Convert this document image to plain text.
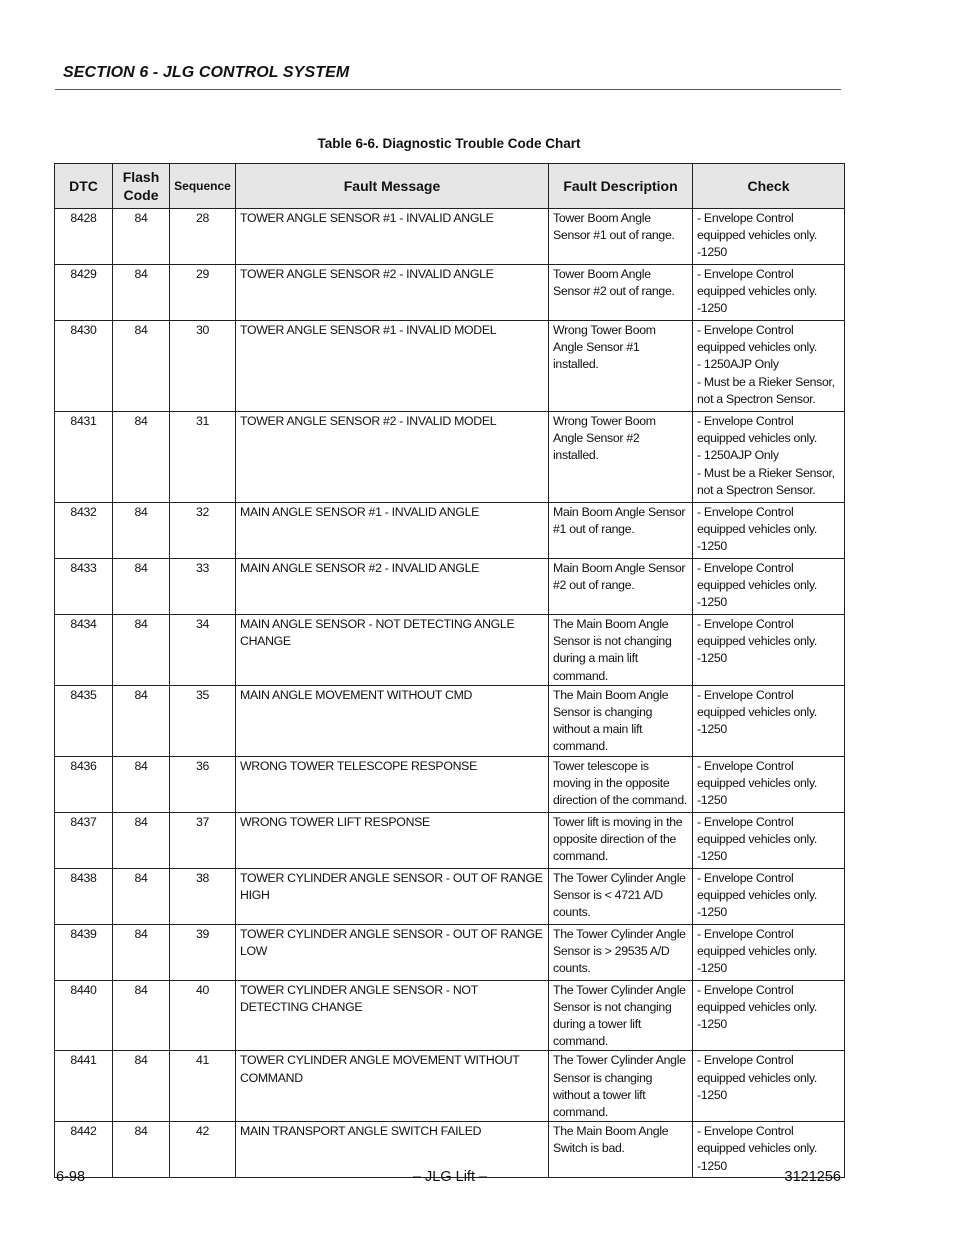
SECTION 6 - JLG CONTROL SYSTEM
Table 6-6. Diagnostic Trouble Code Chart
DTC	Flash Code	Sequence	Fault Message	Fault Description	Check
8428	84	28	TOWER ANGLE SENSOR #1 - INVALID ANGLE	Tower Boom Angle Sensor #1 out of range.	- Envelope Control equipped vehicles only.
-1250
8429	84	29	TOWER ANGLE SENSOR #2 - INVALID ANGLE	Tower Boom Angle Sensor #2 out of range.	- Envelope Control equipped vehicles only.
-1250
8430	84	30	TOWER ANGLE SENSOR #1 - INVALID MODEL	Wrong Tower Boom Angle Sensor #1 installed.	- Envelope Control equipped vehicles only.
- 1250AJP Only
- Must be a Rieker Sensor, not a Spectron Sensor.
8431	84	31	TOWER ANGLE SENSOR #2 - INVALID MODEL	Wrong Tower Boom Angle Sensor #2 installed.	- Envelope Control equipped vehicles only.
- 1250AJP Only
- Must be a Rieker Sensor, not a Spectron Sensor.
8432	84	32	MAIN ANGLE SENSOR #1 - INVALID ANGLE	Main Boom Angle Sensor #1 out of range.	- Envelope Control equipped vehicles only.
-1250
8433	84	33	MAIN ANGLE SENSOR #2 - INVALID ANGLE	Main Boom Angle Sensor #2 out of range.	- Envelope Control equipped vehicles only.
-1250
8434	84	34	MAIN ANGLE SENSOR - NOT DETECTING ANGLE CHANGE	The Main Boom Angle Sensor is not changing during a main lift command.	- Envelope Control equipped vehicles only.
-1250
8435	84	35	MAIN ANGLE MOVEMENT WITHOUT CMD	The Main Boom Angle Sensor is changing without a main lift command.	- Envelope Control equipped vehicles only.
-1250
8436	84	36	WRONG TOWER TELESCOPE RESPONSE	Tower telescope is moving in the opposite direction of the command.	- Envelope Control equipped vehicles only.
-1250
8437	84	37	WRONG TOWER LIFT RESPONSE	Tower lift is moving in the opposite direction of the command.	- Envelope Control equipped vehicles only.
-1250
8438	84	38	TOWER CYLINDER ANGLE SENSOR - OUT OF RANGE HIGH	The Tower Cylinder Angle Sensor is < 4721 A/D counts.	- Envelope Control equipped vehicles only.
-1250
8439	84	39	TOWER CYLINDER ANGLE SENSOR - OUT OF RANGE LOW	The Tower Cylinder Angle Sensor is > 29535 A/D counts.	- Envelope Control equipped vehicles only.
-1250
8440	84	40	TOWER CYLINDER ANGLE SENSOR - NOT DETECTING CHANGE	The Tower Cylinder Angle Sensor is not changing during a tower lift command.	- Envelope Control equipped vehicles only.
-1250
8441	84	41	TOWER CYLINDER ANGLE MOVEMENT WITHOUT COMMAND	The Tower Cylinder Angle Sensor is changing without a tower lift command.	- Envelope Control equipped vehicles only.
-1250
8442	84	42	MAIN TRANSPORT ANGLE SWITCH FAILED	The Main Boom Angle Switch is bad.	- Envelope Control equipped vehicles only.
-1250
6-98	– JLG Lift –	3121256
